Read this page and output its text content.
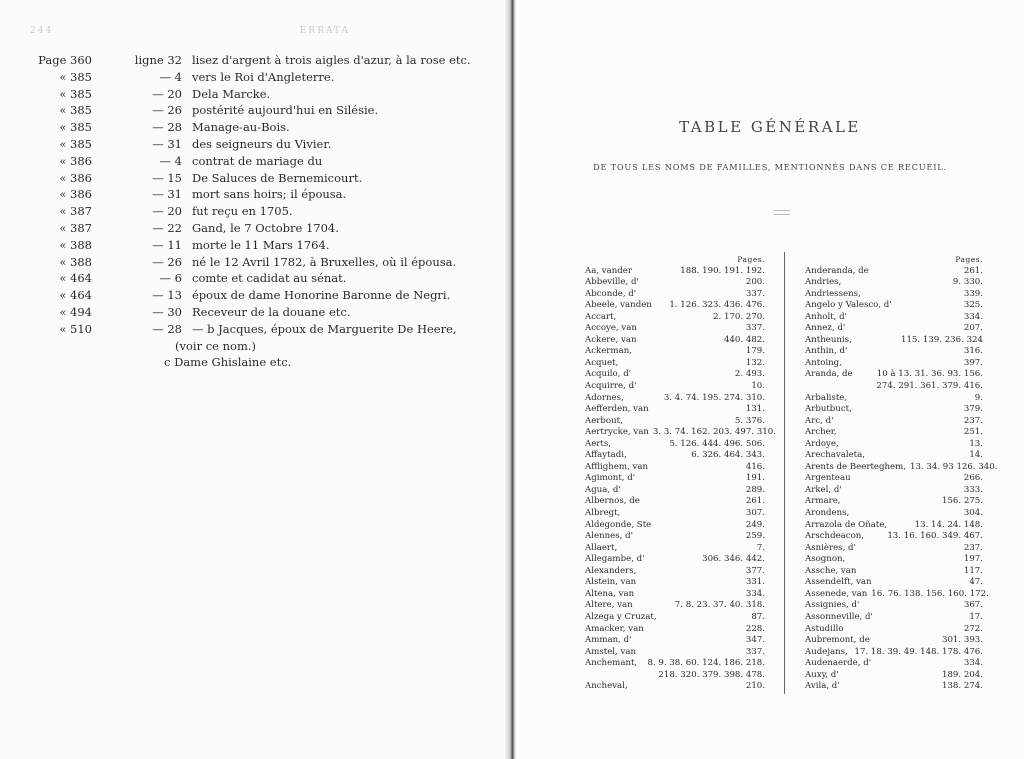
244	ERRATA
Page 360	ligne 32 lisez d'argent à trois aigles d'azur, à la rose etc.
« 385	— 4 vers le Roi d'Angleterre.
« 385	— 20 Dela Marcke.
« 385	— 26 postérité aujourd'hui en Silésie.
« 385	— 28 Manage-au-Bois.
« 385	— 31 des seigneurs du Vivier.
« 386	— 4 contrat de mariage du
« 386	— 15 De Saluces de Bernemicourt.
« 386	— 31 mort sans hoirs; il épousa.
« 387	— 20 fut reçu en 1705.
« 387	— 22 Gand, le 7 Octobre 1704.
« 388	— 11 morte le 11 Mars 1764.
« 388	— 26 né le 12 Avril 1782, à Bruxelles, où il épousa.
« 464	— 6 comte et cadidat au sénat.
« 464	— 13 époux de dame Honorine Baronne de Negri.
« 494	— 30 Receveur de la douane etc.
« 510	— 28 — b Jacques, époux de Marguerite De Heere,
(voir ce nom.)
c Dame Ghislaine etc.
TABLE GÉNÉRALE
DE TOUS LES NOMS DE FAMILLES, MENTIONNÉS DANS CE RECUEIL.
Pages.
Aa, vander	188. 190. 191. 192.
Abbeville, d'	200.
Abconde, d'	337.
Abeele, vanden	1. 126. 323. 436. 476.
Accart,	2. 170. 270.
Accoye, van	337.
Ackere, van	440. 482.
Ackerman,	179.
Acquet,	132.
Acquilo, d'	2. 493.
Acquirre, d'	10.
Adornes,	3. 4. 74. 195. 274. 310.
Aefferden, van	131.
Aerbout,	5. 376.
Aertrycke, van 3. 3. 74. 162. 203. 497. 310.
Aerts,	5. 126. 444. 496. 506.
Affaytadi,	6. 326. 464. 343.
Afflighem, van	416.
Agimont, d'	191.
Agua, d'	289.
Albernos, de	261.
Albregt,	307.
Aldegonde, Ste	249.
Alennes, d'	259.
Allaert,	7.
Allegambe, d'	306. 346. 442.
Alexanders,	377.
Alstein, van	331.
Altena, van	334.
Altere, van	7. 8. 23. 37. 40. 318.
Alzega y Cruzat,	87.
Amacker, van	228.
Amman, d'	347.
Amstel, van	337.
Anchemant,	8. 9. 38. 60. 124. 186. 218.
218. 320. 379. 398. 478.
Ancheval,	210.
Pages.
Anderanda, de	261.
Andries,	9. 330.
Andriessens,	339.
Angelo y Valesco, d'	325.
Anholt, d'	334.
Annez, d'	207.
Antheunis,	115. 139. 236. 324
Anthin, d'	316.
Antoing,	397.
Aranda, de	10 à 13. 31. 36. 93. 156.
274. 291. 361. 379. 416.
Arbaliste,	9.
Arbutbuct,	379.
Arc, d'	237.
Archer,	251.
Ardoye,	13.
Arechavaleta,	14.
Arents de Beerteghem, 13. 34. 93 126. 340.
Argenteau	266.
Arkel, d'	333.
Armare,	156. 275.
Arondens,	304.
Arrazola de Oñate,	13. 14. 24. 148.
Arschdeacon,	13. 16. 160. 349. 467.
Asnières, d'	237.
Asognon,	197.
Assche, van	117.
Assendelft, van	47.
Assenede, van 16. 76. 138. 156. 160. 172.
Assignies, d'	367.
Assonneville, d'	17.
Astudillo	272.
Aubremont, de	301. 393.
Audejans, 17. 18. 39. 49. 148. 178. 476.
Audenaerde, d'	334.
Auxy, d'	189. 204.
Avila, d'	138. 274.
